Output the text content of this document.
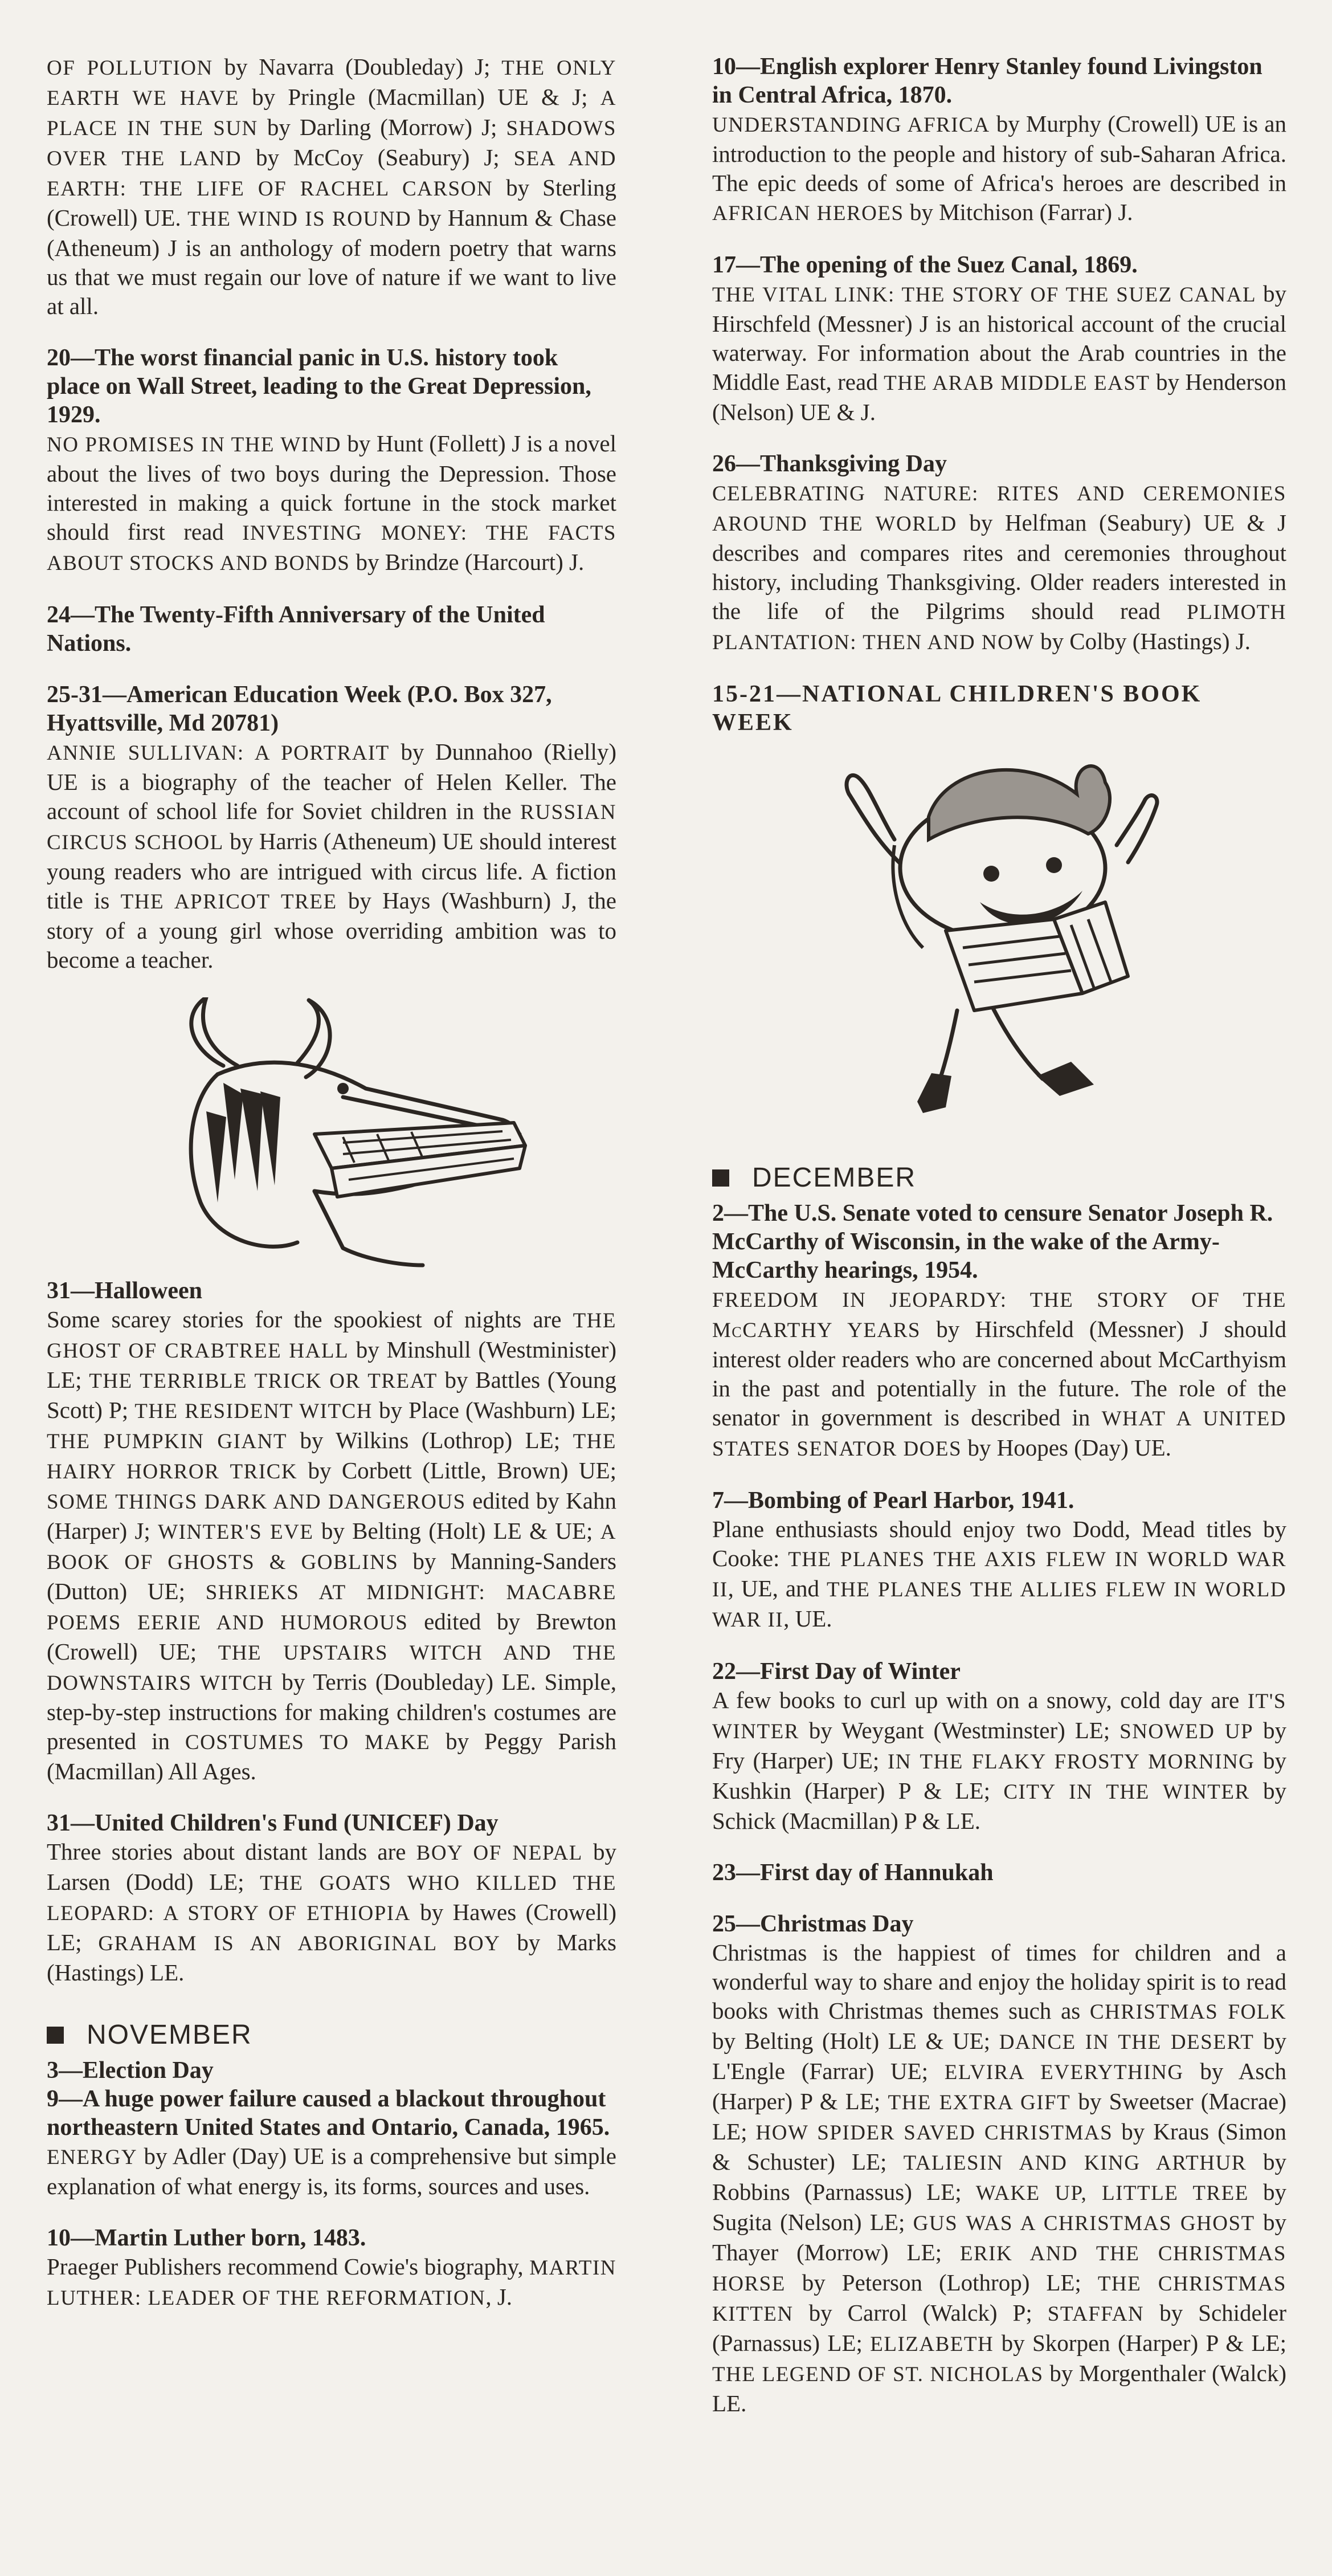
OF POLLUTION by Navarra (Doubleday) J; THE ONLY EARTH WE HAVE by Pringle (Macmillan) UE & J; A PLACE IN THE SUN by Darling (Morrow) J; SHADOWS OVER THE LAND by McCoy (Seabury) J; SEA AND EARTH: THE LIFE OF RACHEL CARSON by Sterling (Crowell) UE. THE WIND IS ROUND by Hannum & Chase (Atheneum) J is an anthology of modern poetry that warns us that we must regain our love of nature if we want to live at all.
20—The worst financial panic in U.S. history took place on Wall Street, leading to the Great Depression, 1929.
NO PROMISES IN THE WIND by Hunt (Follett) J is a novel about the lives of two boys during the Depression. Those interested in making a quick fortune in the stock market should first read INVESTING MONEY: THE FACTS ABOUT STOCKS AND BONDS by Brindze (Harcourt) J.
24—The Twenty-Fifth Anniversary of the United Nations.
25-31—American Education Week (P.O. Box 327, Hyattsville, Md 20781)
ANNIE SULLIVAN: A PORTRAIT by Dunnahoo (Rielly) UE is a biography of the teacher of Helen Keller. The account of school life for Soviet children in the RUSSIAN CIRCUS SCHOOL by Harris (Atheneum) UE should interest young readers who are intrigued with circus life. A fiction title is THE APRICOT TREE by Hays (Washburn) J, the story of a young girl whose overriding ambition was to become a teacher.
31—Halloween
Some scarey stories for the spookiest of nights are THE GHOST OF CRABTREE HALL by Minshull (Westminister) LE; THE TERRIBLE TRICK OR TREAT by Battles (Young Scott) P; THE RESIDENT WITCH by Place (Washburn) LE; THE PUMPKIN GIANT by Wilkins (Lothrop) LE; THE HAIRY HORROR TRICK by Corbett (Little, Brown) UE; SOME THINGS DARK AND DANGEROUS edited by Kahn (Harper) J; WINTER'S EVE by Belting (Holt) LE & UE; A BOOK OF GHOSTS & GOBLINS by Manning-Sanders (Dutton) UE; SHRIEKS AT MIDNIGHT: MACABRE POEMS EERIE AND HUMOROUS edited by Brewton (Crowell) UE; THE UPSTAIRS WITCH AND THE DOWNSTAIRS WITCH by Terris (Doubleday) LE. Simple, step-by-step instructions for making children's costumes are presented in COSTUMES TO MAKE by Peggy Parish (Macmillan) All Ages.
31—United Children's Fund (UNICEF) Day
Three stories about distant lands are BOY OF NEPAL by Larsen (Dodd) LE; THE GOATS WHO KILLED THE LEOPARD: A STORY OF ETHIOPIA by Hawes (Crowell) LE; GRAHAM IS AN ABORIGINAL BOY by Marks (Hastings) LE.
NOVEMBER
3—Election Day
9—A huge power failure caused a blackout throughout northeastern United States and Ontario, Canada, 1965.
ENERGY by Adler (Day) UE is a comprehensive but simple explanation of what energy is, its forms, sources and uses.
10—Martin Luther born, 1483.
Praeger Publishers recommend Cowie's biography, MARTIN LUTHER: LEADER OF THE REFORMATION, J.
10—English explorer Henry Stanley found Livingston in Central Africa, 1870.
UNDERSTANDING AFRICA by Murphy (Crowell) UE is an introduction to the people and history of sub-Saharan Africa. The epic deeds of some of Africa's heroes are described in AFRICAN HEROES by Mitchison (Farrar) J.
17—The opening of the Suez Canal, 1869.
THE VITAL LINK: THE STORY OF THE SUEZ CANAL by Hirschfeld (Messner) J is an historical account of the crucial waterway. For information about the Arab countries in the Middle East, read THE ARAB MIDDLE EAST by Henderson (Nelson) UE & J.
26—Thanksgiving Day
CELEBRATING NATURE: RITES AND CEREMONIES AROUND THE WORLD by Helfman (Seabury) UE & J describes and compares rites and ceremonies throughout history, including Thanksgiving. Older readers interested in the life of the Pilgrims should read PLIMOTH PLANTATION: THEN AND NOW by Colby (Hastings) J.
15-21—NATIONAL CHILDREN'S BOOK WEEK
DECEMBER
2—The U.S. Senate voted to censure Senator Joseph R. McCarthy of Wisconsin, in the wake of the Army-McCarthy hearings, 1954.
FREEDOM IN JEOPARDY: THE STORY OF THE McCARTHY YEARS by Hirschfeld (Messner) J should interest older readers who are concerned about McCarthyism in the past and potentially in the future. The role of the senator in government is described in WHAT A UNITED STATES SENATOR DOES by Hoopes (Day) UE.
7—Bombing of Pearl Harbor, 1941.
Plane enthusiasts should enjoy two Dodd, Mead titles by Cooke: THE PLANES THE AXIS FLEW IN WORLD WAR II, UE, and THE PLANES THE ALLIES FLEW IN WORLD WAR II, UE.
22—First Day of Winter
A few books to curl up with on a snowy, cold day are IT'S WINTER by Weygant (Westminster) LE; SNOWED UP by Fry (Harper) UE; IN THE FLAKY FROSTY MORNING by Kushkin (Harper) P & LE; CITY IN THE WINTER by Schick (Macmillan) P & LE.
23—First day of Hannukah
25—Christmas Day
Christmas is the happiest of times for children and a wonderful way to share and enjoy the holiday spirit is to read books with Christmas themes such as CHRISTMAS FOLK by Belting (Holt) LE & UE; DANCE IN THE DESERT by L'Engle (Farrar) UE; ELVIRA EVERYTHING by Asch (Harper) P & LE; THE EXTRA GIFT by Sweetser (Macrae) LE; HOW SPIDER SAVED CHRISTMAS by Kraus (Simon & Schuster) LE; TALIESIN AND KING ARTHUR by Robbins (Parnassus) LE; WAKE UP, LITTLE TREE by Sugita (Nelson) LE; GUS WAS A CHRISTMAS GHOST by Thayer (Morrow) LE; ERIK AND THE CHRISTMAS HORSE by Peterson (Lothrop) LE; THE CHRISTMAS KITTEN by Carrol (Walck) P; STAFFAN by Schideler (Parnassus) LE; ELIZABETH by Skorpen (Harper) P & LE; THE LEGEND OF ST. NICHOLAS by Morgenthaler (Walck) LE.
